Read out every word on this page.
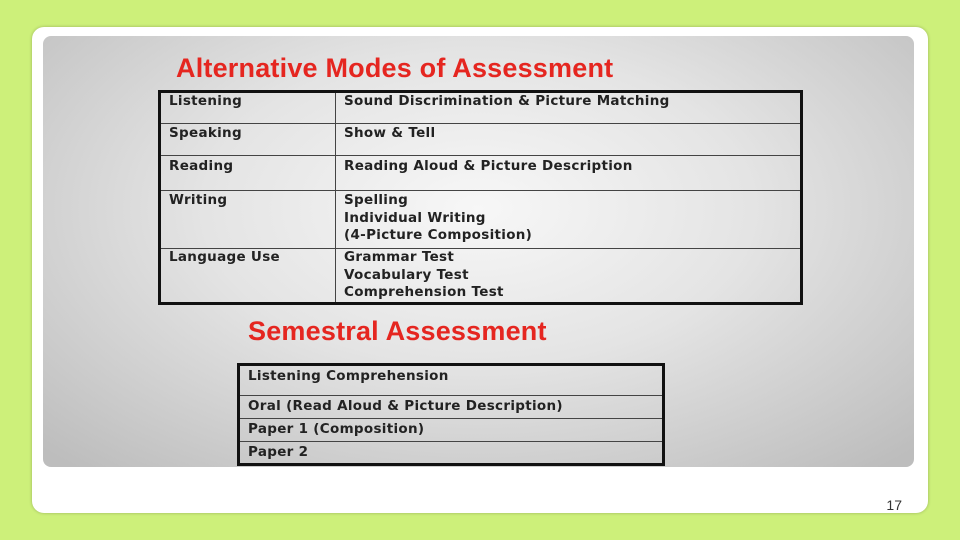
Alternative Modes of Assessment
Listening	Sound Discrimination & Picture Matching

Speaking	Show & Tell

Reading	Reading Aloud & Picture Description

Writing	Spelling
Individual Writing
(4-Picture Composition)

Language Use	Grammar Test
Vocabulary Test
Comprehension Test
Semestral Assessment
Listening Comprehension
Oral (Read Aloud & Picture Description)
Paper 1 (Composition)
Paper 2
17
